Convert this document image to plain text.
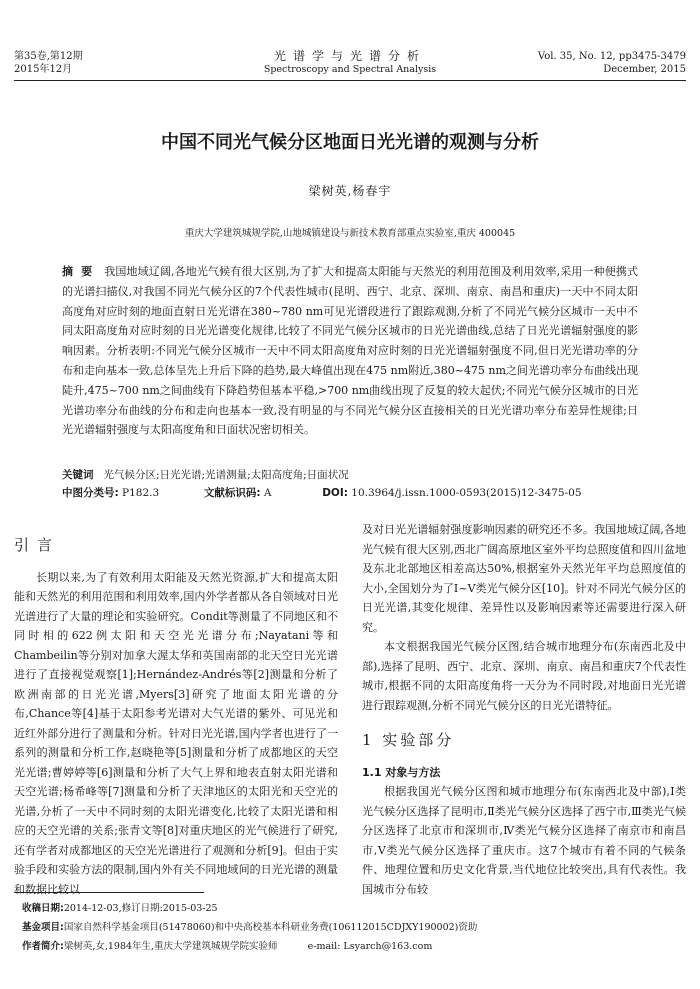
第35卷,第12期
2015年12月
光谱学与光谱分析
Spectroscopy and Spectral Analysis
Vol. 35, No. 12, pp3475-3479
December, 2015
中国不同光气候分区地面日光光谱的观测与分析
梁树英,杨春宇
重庆大学建筑城规学院,山地城镇建设与新技术教育部重点实验室,重庆 400045
摘要 我国地域辽阔,各地光气候有很大区别,为了扩大和提高太阳能与天然光的利用范围及利用效率,采用一种便携式的光谱扫描仪,对我国不同光气候分区的7个代表性城市(昆明、西宁、北京、深圳、南京、南昌和重庆)一天中不同太阳高度角对应时刻的地面直射日光光谱在380~780 nm可见光谱段进行了跟踪观测,分析了不同光气候分区城市一天中不同太阳高度角对应时刻的日光光谱变化规律,比较了不同光气候分区城市的日光光谱曲线,总结了日光光谱辐射强度的影响因素。分析表明:不同光气候分区城市一天中不同太阳高度角对应时刻的日光光谱辐射强度不同,但日光光谱功率的分布和走向基本一致,总体呈先上升后下降的趋势,最大峰值出现在475 nm附近,380~475 nm之间光谱功率分布曲线出现陡升,475~700 nm之间曲线有下降趋势但基本平稳,>700 nm曲线出现了反复的较大起伏;不同光气候分区城市的日光光谱功率分布曲线的分布和走向也基本一致,没有明显的与不同光气候分区直接相关的日光光谱功率分布差异性规律;日光光谱辐射强度与太阳高度角和日面状况密切相关。
关键词 光气候分区;日光光谱;光谱测量;太阳高度角;日面状况
中图分类号: P182.3	文献标识码: A	DOI: 10.3964/j.issn.1000-0593(2015)12-3475-05
引言

长期以来,为了有效利用太阳能及天然光资源,扩大和提高太阳能和天然光的利用范围和利用效率,国内外学者都从各自领域对日光光谱进行了大量的理论和实验研究。Condit等测量了不同地区和不同时相的622例太阳和天空光光谱分布;Nayatani等和Chambeilin等分别对加拿大渥太华和英国南部的北天空日光光谱进行了直接视觉观察[1];Hernández-Andrés等[2]测量和分析了欧洲南部的日光光谱,Myers[3]研究了地面太阳光谱的分布,Chance等[4]基于太阳参考光谱对大气光谱的紫外、可见光和近红外部分进行了测量和分析。针对日光光谱,国内学者也进行了一系列的测量和分析工作,赵晓艳等[5]测量和分析了成都地区的天空光光谱;曹婷婷等[6]测量和分析了大气上界和地表直射太阳光谱和天空光谱;杨希峰等[7]测量和分析了天津地区的太阳光和天空光的光谱,分析了一天中不同时刻的太阳光谱变化,比较了太阳光谱和相应的天空光谱的关系;张青文等[8]对重庆地区的光气候进行了研究,还有学者对成都地区的天空光光谱进行了观测和分析[9]。但由于实验手段和实验方法的限制,国内外有关不同地域间的日光光谱的测量和数据比较以

及对日光光谱辐射强度影响因素的研究还不多。我国地域辽阔,各地光气候有很大区别,西北广阔高原地区室外平均总照度值和四川盆地及东北北部地区相差高达50%,根据室外天然光年平均总照度值的大小,全国划分为了Ⅰ~Ⅴ类光气候分区[10]。针对不同光气候分区的日光光谱,其变化规律、差异性以及影响因素等还需要进行深入研究。

本文根据我国光气候分区图,结合城市地理分布(东南西北及中部),选择了昆明、西宁、北京、深圳、南京、南昌和重庆7个代表性城市,根据不同的太阳高度角将一天分为不同时段,对地面日光光谱进行跟踪观测,分析不同光气候分区的日光光谱特征。

1 实验部分
1.1 对象与方法

根据我国光气候分区图和城市地理分布(东南西北及中部),Ⅰ类光气候分区选择了昆明市,Ⅱ类光气候分区选择了西宁市,Ⅲ类光气候分区选择了北京市和深圳市,Ⅳ类光气候分区选择了南京市和南昌市,Ⅴ类光气候分区选择了重庆市。这7个城市有着不同的气候条件、地理位置和历史文化背景,当代地位比较突出,具有代表性。我国城市分布较

收稿日期:2014-12-03,修订日期:2015-03-25
基金项目:国家自然科学基金项目(51478060)和中央高校基本科研业务费(106112015CDJXY190002)资助
作者简介:梁树英,女,1984年生,重庆大学建筑城规学院实验师	e-mail: Lsyarch@163.com
